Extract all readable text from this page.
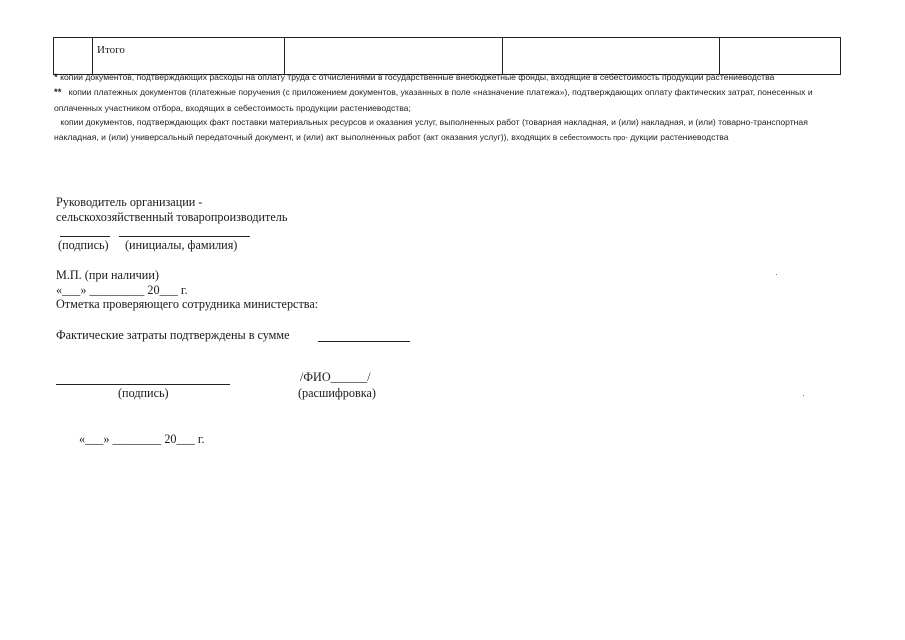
	Итого			

* копии документов, подтверждающих расходы на оплату труда с отчислениями в государственные внебюджетные фонды, входящие в себестоимость продукции растениеводства

** копии платежных документов (платежные поручения (с приложением документов, указанных в поле «назначение платежа»), подтверждающих оплату фактических затрат, понесенных и оплаченных участником отбора, входящих в себестоимость продукции растениеводства;

копии документов, подтверждающих факт поставки материальных ресурсов и оказания услуг, выполненных работ (товарная накладная, и (или) накладная, и (или) товарно-транспортная накладная, и (или) универсальный передаточный документ, и (или) акт выполненных работ (акт оказания услуг)), входящих в себестоимость про- дукции растениеводства

Руководитель организации -
сельскохозяйственный товаропроизводитель
(подпись) (инициалы, фамилия)
М.П. (при наличии)
«___» _________ 20___ г.
Отметка проверяющего сотрудника министерства:
Фактические затраты подтверждены в сумме
/ФИО______/
(подпись)	(расшифровка)
«___» ________ 20___ г.
